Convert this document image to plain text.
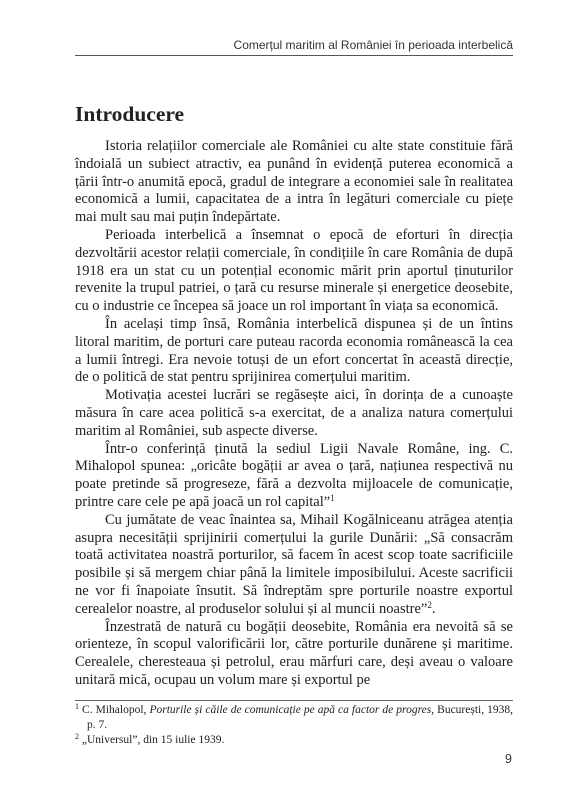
Comerțul maritim al României în perioada interbelică
Introducere

Istoria relațiilor comerciale ale României cu alte state constituie fără îndoială un subiect atractiv, ea punând în evidență puterea economică a țării într-o anumită epocă, gradul de integrare a economiei sale în realitatea economică a lumii, capacitatea de a intra în legături comerciale cu piețe mai mult sau mai puțin îndepărtate.

Perioada interbelică a însemnat o epocă de eforturi în direcția dezvoltării acestor relații comerciale, în condițiile în care România de după 1918 era un stat cu un potențial economic mărit prin aportul ținuturilor revenite la trupul patriei, o țară cu resurse minerale și energetice deosebite, cu o industrie ce începea să joace un rol important în viața sa economică.

În același timp însă, România interbelică dispunea și de un întins litoral maritim, de porturi care puteau racorda economia românească la cea a lumii întregi. Era nevoie totuși de un efort concertat în această direcție, de o politică de stat pentru sprijinirea comerțului maritim.

Motivația acestei lucrări se regăsește aici, în dorința de a cunoaște măsura în care acea politică s-a exercitat, de a analiza natura comerțului maritim al României, sub aspecte diverse.

Într-o conferință ținută la sediul Ligii Navale Române, ing. C. Mihalopol spunea: „oricâte bogății ar avea o țară, națiunea respectivă nu poate pretinde să progreseze, fără a dezvolta mijloacele de comunicație, printre care cele pe apă joacă un rol capital”$^1$

Cu jumătate de veac înaintea sa, Mihail Kogălniceanu atrăgea atenția asupra necesității sprijinirii comerțului la gurile Dunării: „Să consacrăm toată activitatea noastră porturilor, să facem în acest scop toate sacrificiile posibile și să mergem chiar până la limitele imposibilului. Aceste sacrificii ne vor fi înapoiate însutit. Să îndreptăm spre porturile noastre exportul cerealelor noastre, al produselor solului și al muncii noastre”$^2$.

Înzestrată de natură cu bogății deosebite, România era nevoită să se orienteze, în scopul valorificării lor, către porturile dunărene și maritime. Cerealele, cheresteaua și petrolul, erau mărfuri care, deși aveau o valoare unitară mică, ocupau un volum mare și exportul pe

$^1$ C. Mihalopol, Porturile și căile de comunicație pe apă ca factor de progres, București, 1938, p. 7.

$^2$ „Universul”, din 15 iulie 1939.

9
